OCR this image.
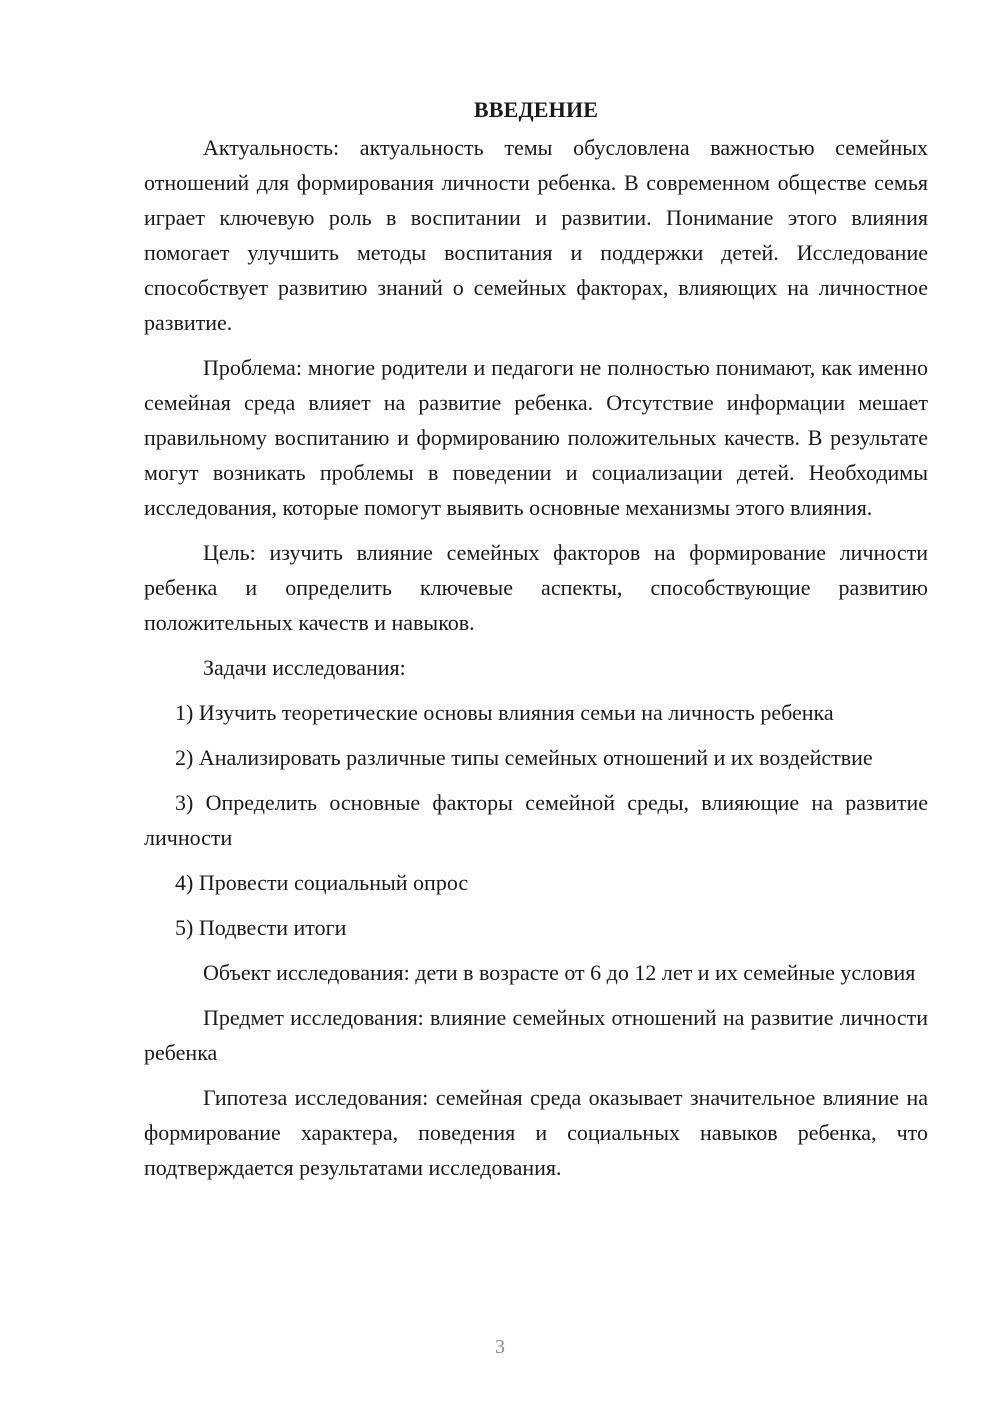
ВВЕДЕНИЕ

Актуальность: актуальность темы обусловлена важностью семейных отношений для формирования личности ребенка. В современном обществе семья играет ключевую роль в воспитании и развитии. Понимание этого влияния помогает улучшить методы воспитания и поддержки детей. Исследование способствует развитию знаний о семейных факторах, влияющих на личностное развитие.

Проблема: многие родители и педагоги не полностью понимают, как именно семейная среда влияет на развитие ребенка. Отсутствие информации мешает правильному воспитанию и формированию положительных качеств. В результате могут возникать проблемы в поведении и социализации детей. Необходимы исследования, которые помогут выявить основные механизмы этого влияния.

Цель: изучить влияние семейных факторов на формирование личности ребенка и определить ключевые аспекты, способствующие развитию положительных качеств и навыков.

Задачи исследования:

1) Изучить теоретические основы влияния семьи на личность ребенка

2) Анализировать различные типы семейных отношений и их воздействие

3) Определить основные факторы семейной среды, влияющие на развитие личности

4) Провести социальный опрос

5) Подвести итоги

Объект исследования: дети в возрасте от 6 до 12 лет и их семейные условия

Предмет исследования: влияние семейных отношений на развитие личности ребенка

Гипотеза исследования: семейная среда оказывает значительное влияние на формирование характера, поведения и социальных навыков ребенка, что подтверждается результатами исследования.

3
